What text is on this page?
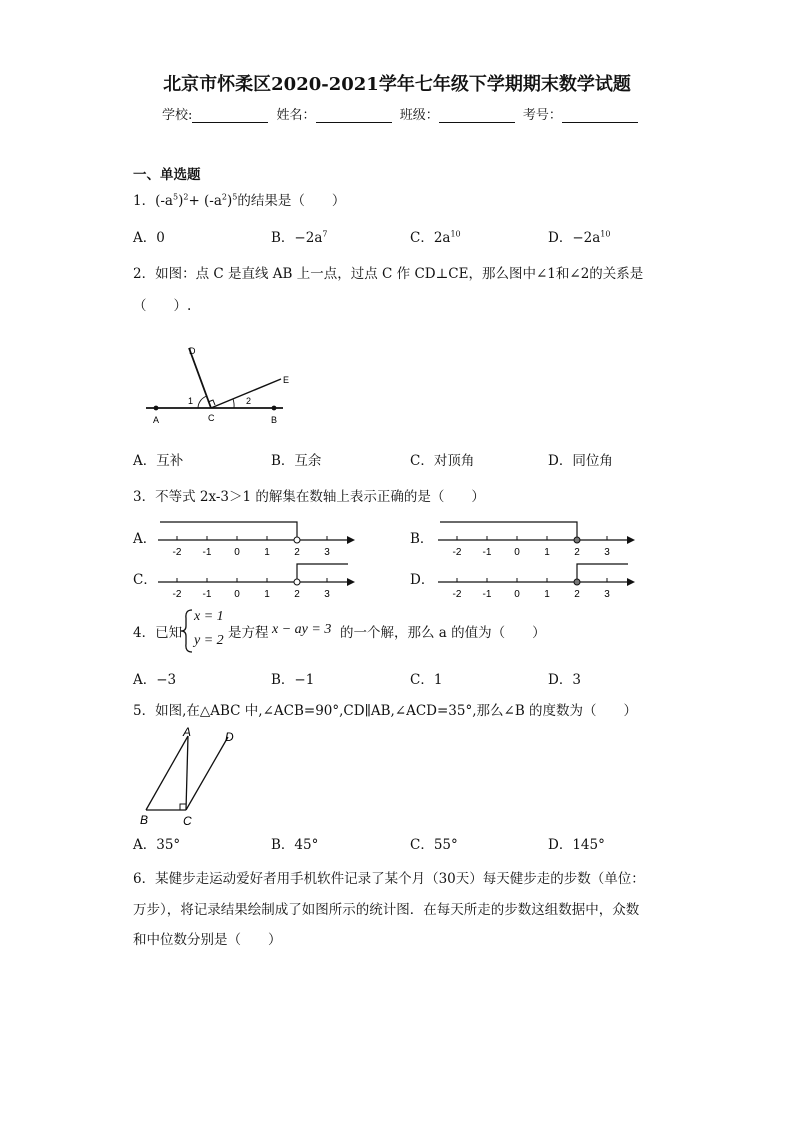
北京市怀柔区2020-2021学年七年级下学期期末数学试题
学校:	姓名：	班级：	考号：
一、单选题
1．$(-a^5)^2+ (-a^2)^5$的结果是（　　）
A．0	B．$-2a^7$	C．$2a^{10}$	D．$-2a^{10}$
2．如图：点 C 是直线 AB 上一点，过点 C 作 CD⊥CE，那么图中∠1和∠2的关系是
（　　）.
A	B
C
D
E
1	2
A．互补	B．互余	C．对顶角	D．同位角
3．不等式 2x-3＞1 的解集在数轴上表示正确的是（　　）
A．
-2 -1 0 1 2 3
B．
-2 -1 0 1 2 3
C．
-2 -1 0 1 2 3
D．
-2 -1 0 1 2 3
4．已知
x = 1
y = 2 是方程 x − ay = 3 的一个解，那么 a 的值为（　　）
A．−3	B．−1	C．1	D．3
5．如图,在△ABC 中,∠ACB=90°,CD∥AB,∠ACD=35°,那么∠B 的度数为（　　）
A	D
B	C
A．35°	B．45°	C．55°	D．145°
6．某健步走运动爱好者用手机软件记录了某个月（30天）每天健步走的步数（单位：
万步），将记录结果绘制成了如图所示的统计图．在每天所走的步数这组数据中，众数
和中位数分别是（　　）
